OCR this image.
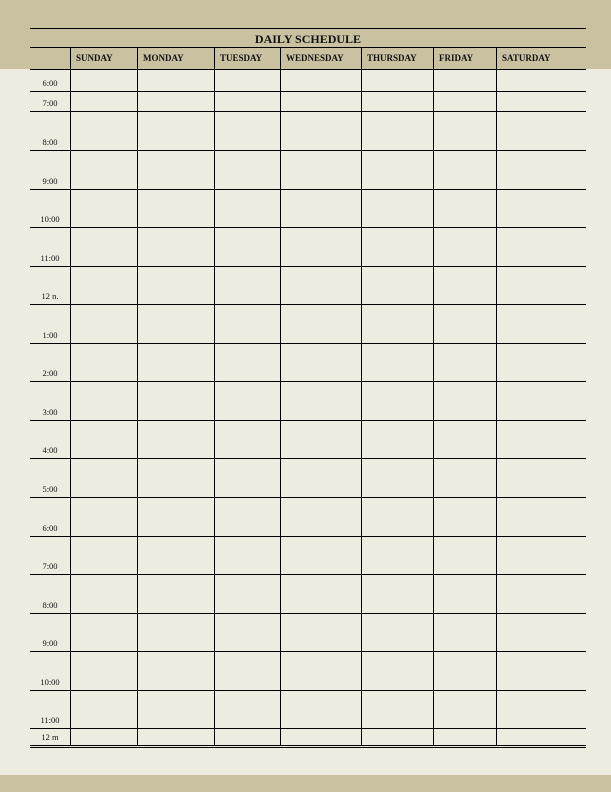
DAILY SCHEDULE
SUNDAY	MONDAY	TUESDAY	WEDNESDAY	THURSDAY	FRIDAY	SATURDAY
6:00
7:00
8:00
9:00
10:00
11:00
12 n.
1:00
2:00
3:00
4:00
5:00
6:00
7:00
8:00
9:00
10:00
11:00
12 m
